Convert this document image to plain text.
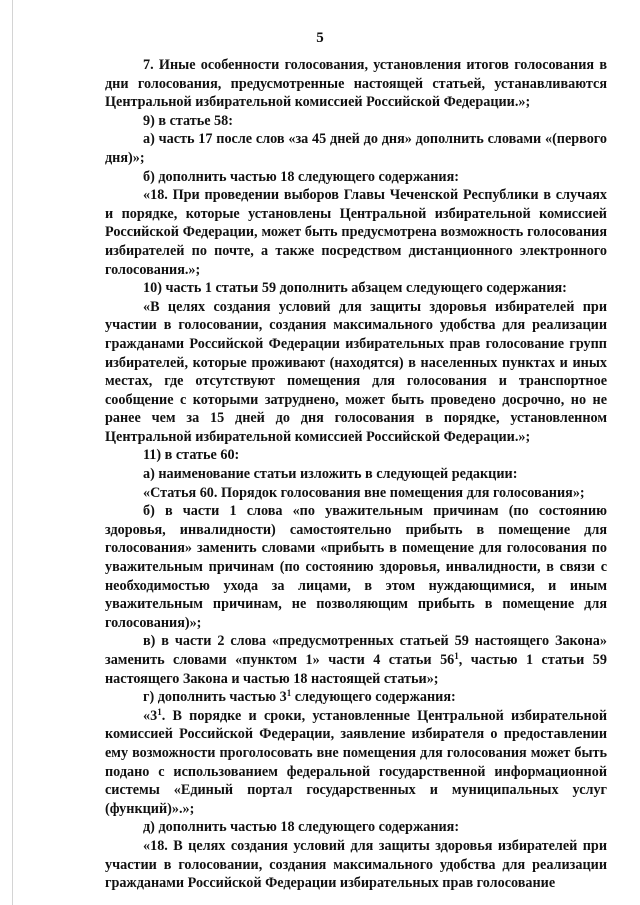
5

7. Иные особенности голосования, установления итогов голосования в дни голосования, предусмотренные настоящей статьей, устанавливаются Центральной избирательной комиссией Российской Федерации.»;

9) в статье 58:

а) часть 17 после слов «за 45 дней до дня» дополнить словами «(первого дня)»;

б) дополнить частью 18 следующего содержания:

«18. При проведении выборов Главы Чеченской Республики в случаях и порядке, которые установлены Центральной избирательной комиссией Российской Федерации, может быть предусмотрена возможность голосования избирателей по почте, а также посредством дистанционного электронного голосования.»;

10) часть 1 статьи 59 дополнить абзацем следующего содержания:

«В целях создания условий для защиты здоровья избирателей при участии в голосовании, создания максимального удобства для реализации гражданами Российской Федерации избирательных прав голосование групп избирателей, которые проживают (находятся) в населенных пунктах и иных местах, где отсутствуют помещения для голосования и транспортное сообщение с которыми затруднено, может быть проведено досрочно, но не ранее чем за 15 дней до дня голосования в порядке, установленном Центральной избирательной комиссией Российской Федерации.»;

11) в статье 60:

а) наименование статьи изложить в следующей редакции:

«Статья 60. Порядок голосования вне помещения для голосования»;

б) в части 1 слова «по уважительным причинам (по состоянию здоровья, инвалидности) самостоятельно прибыть в помещение для голосования» заменить словами «прибыть в помещение для голосования по уважительным причинам (по состоянию здоровья, инвалидности, в связи с необходимостью ухода за лицами, в этом нуждающимися, и иным уважительным причинам, не позволяющим прибыть в помещение для голосования)»;

в) в части 2 слова «предусмотренных статьей 59 настоящего Закона» заменить словами «пунктом 1» части 4 статьи $56^1$, частью 1 статьи 59 настоящего Закона и частью 18 настоящей статьи»;

г) дополнить частью $3^1$ следующего содержания:

«$3^1$. В порядке и сроки, установленные Центральной избирательной комиссией Российской Федерации, заявление избирателя о предоставлении ему возможности проголосовать вне помещения для голосования может быть подано с использованием федеральной государственной информационной системы «Единый портал государственных и муниципальных услуг (функций)».»;

д) дополнить частью 18 следующего содержания:

«18. В целях создания условий для защиты здоровья избирателей при участии в голосовании, создания максимального удобства для реализации гражданами Российской Федерации избирательных прав голосование
